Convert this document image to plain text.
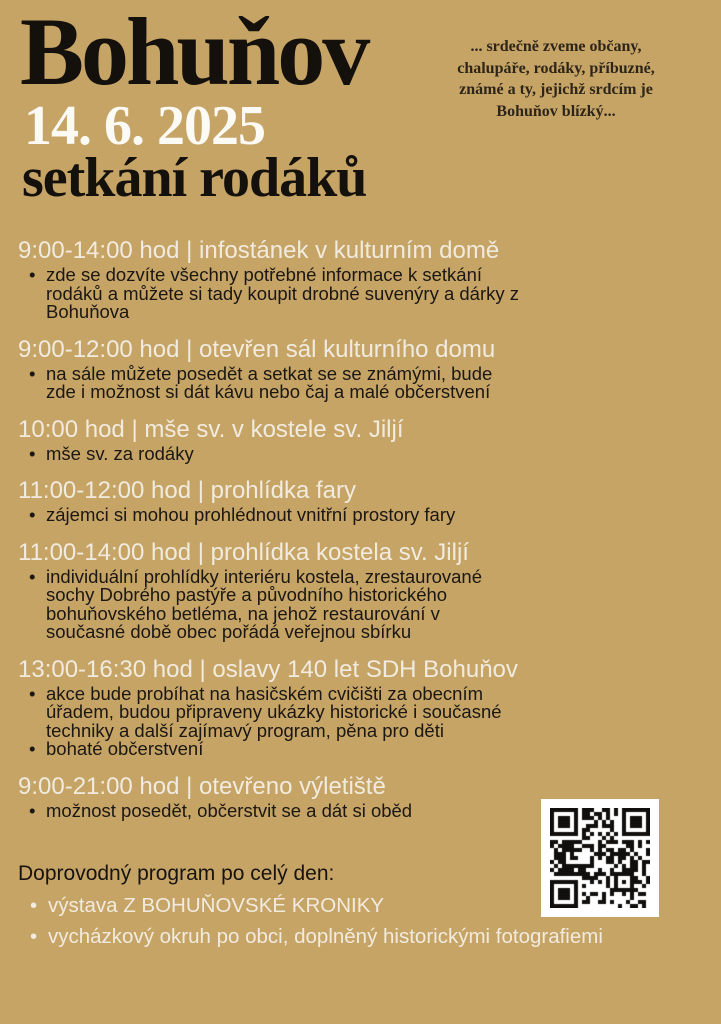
Bohuňov
14. 6. 2025
setkání rodáků
... srdečně zveme občany, chalupáře, rodáky, příbuzné, známé a ty, jejichž srdcím je Bohuňov blízký...
9:00-14:00 hod | infostánek v kulturním domě
• zde se dozvíte všechny potřebné informace k setkání rodáků a můžete si tady koupit drobné suvenýry a dárky z Bohuňova
9:00-12:00 hod | otevřen sál kulturního domu
• na sále můžete posedět a setkat se se známými, bude zde i možnost si dát kávu nebo čaj a malé občerstvení
10:00 hod | mše sv. v kostele sv. Jiljí
• mše sv. za rodáky
11:00-12:00 hod | prohlídka fary
• zájemci si mohou prohlédnout vnitřní prostory fary
11:00-14:00 hod | prohlídka kostela sv. Jiljí
• individuální prohlídky interiéru kostela, zrestaurované sochy Dobrého pastýře a původního historického bohuňovského betléma, na jehož restaurování v současné době obec pořádá veřejnou sbírku
13:00-16:30 hod | oslavy 140 let SDH Bohuňov
• akce bude probíhat na hasičském cvičišti za obecním úřadem, budou připraveny ukázky historické i současné techniky a další zajímavý program, pěna pro děti
• bohaté občerstvení
9:00-21:00 hod | otevřeno výletiště
• možnost posedět, občerstvit se a dát si oběd
Doprovodný program po celý den:
• výstava Z BOHUŇOVSKÉ KRONIKY
• vycházkový okruh po obci, doplněný historickými fotografiemi
